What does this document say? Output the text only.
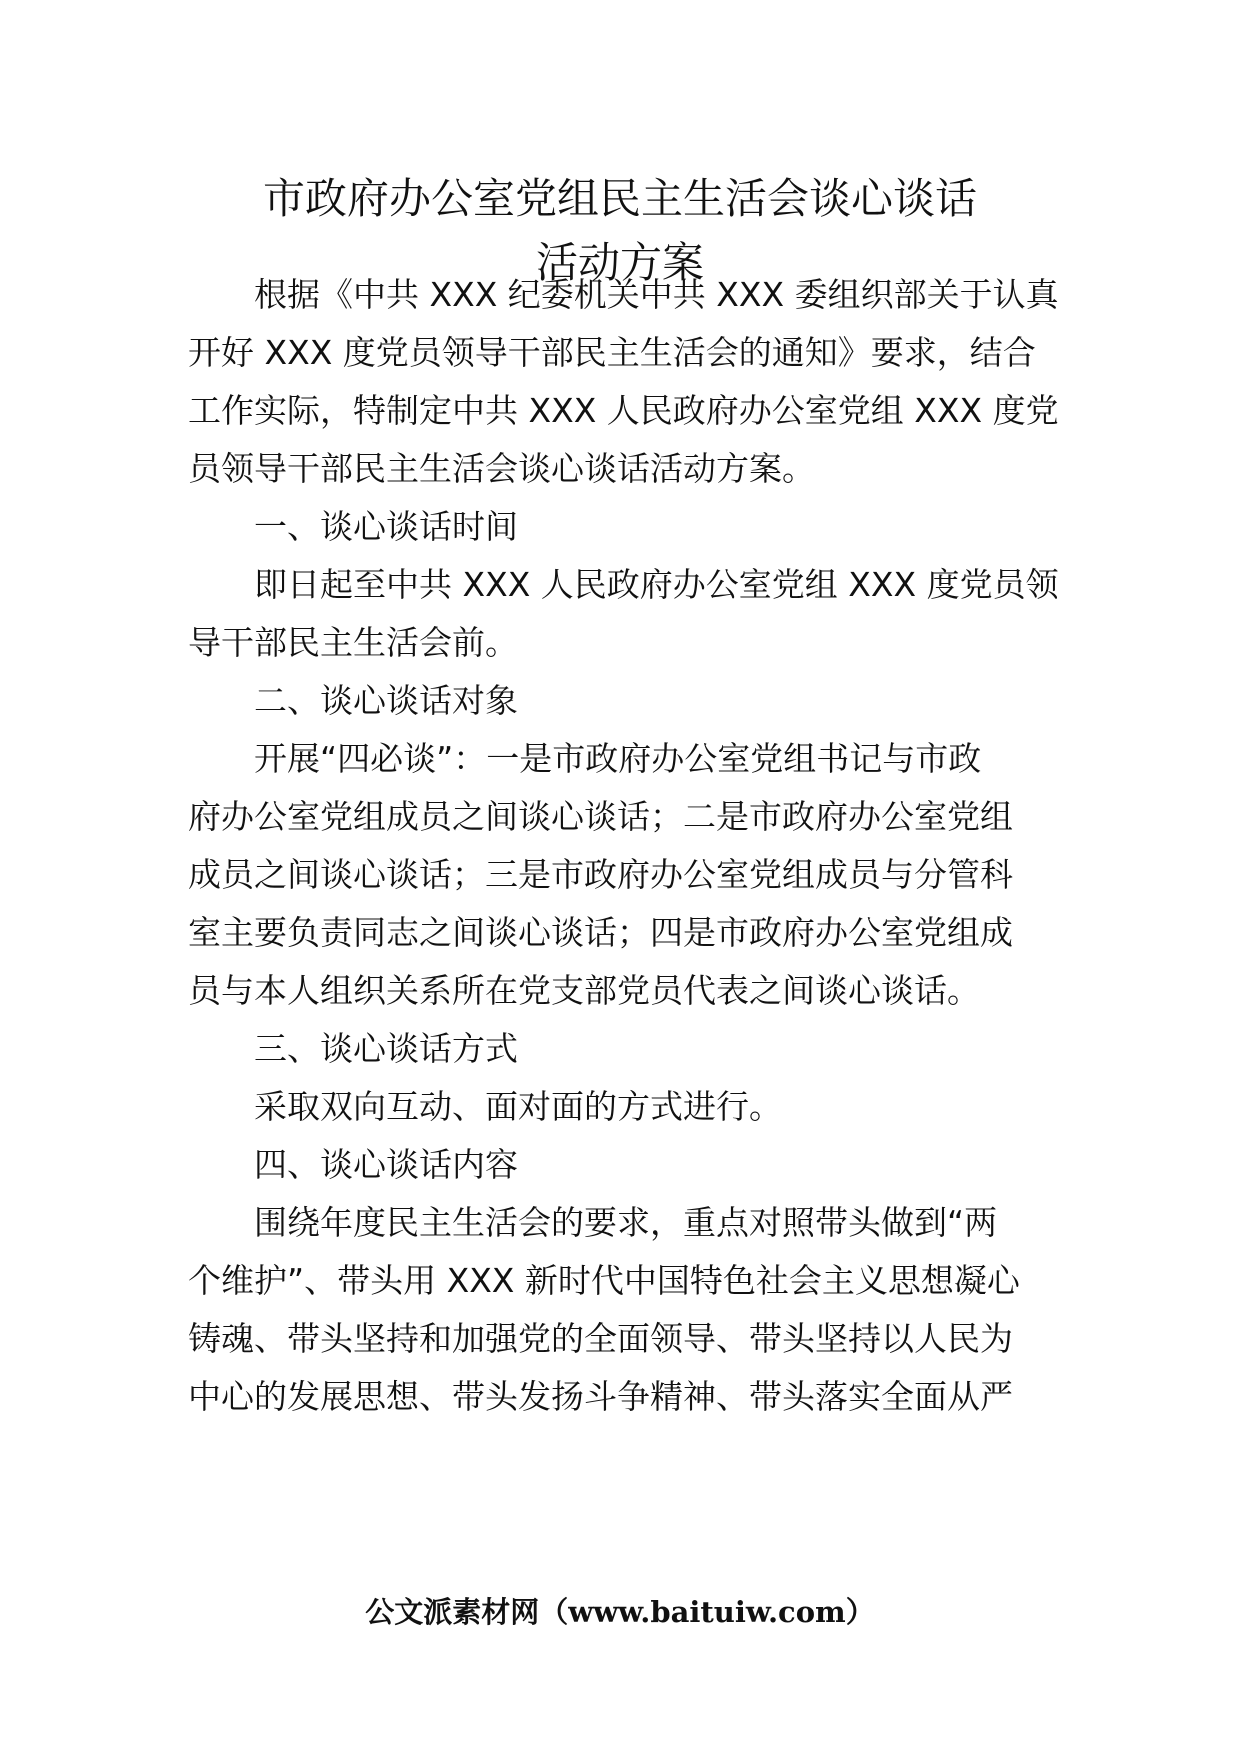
市政府办公室党组民主生活会谈心谈话
活动方案
根据《中共 XXX 纪委机关中共 XXX 委组织部关于认真
开好 XXX 度党员领导干部民主生活会的通知》要求，结合
工作实际，特制定中共 XXX 人民政府办公室党组 XXX 度党
员领导干部民主生活会谈心谈话活动方案。
一、谈心谈话时间
即日起至中共 XXX 人民政府办公室党组 XXX 度党员领
导干部民主生活会前。
二、谈心谈话对象
开展“四必谈”：一是市政府办公室党组书记与市政
府办公室党组成员之间谈心谈话；二是市政府办公室党组
成员之间谈心谈话；三是市政府办公室党组成员与分管科
室主要负责同志之间谈心谈话；四是市政府办公室党组成
员与本人组织关系所在党支部党员代表之间谈心谈话。
三、谈心谈话方式
采取双向互动、面对面的方式进行。
四、谈心谈话内容
围绕年度民主生活会的要求，重点对照带头做到“两
个维护”、带头用 XXX 新时代中国特色社会主义思想凝心
铸魂、带头坚持和加强党的全面领导、带头坚持以人民为
中心的发展思想、带头发扬斗争精神、带头落实全面从严
公文派素材网（www.baituiw.com）
